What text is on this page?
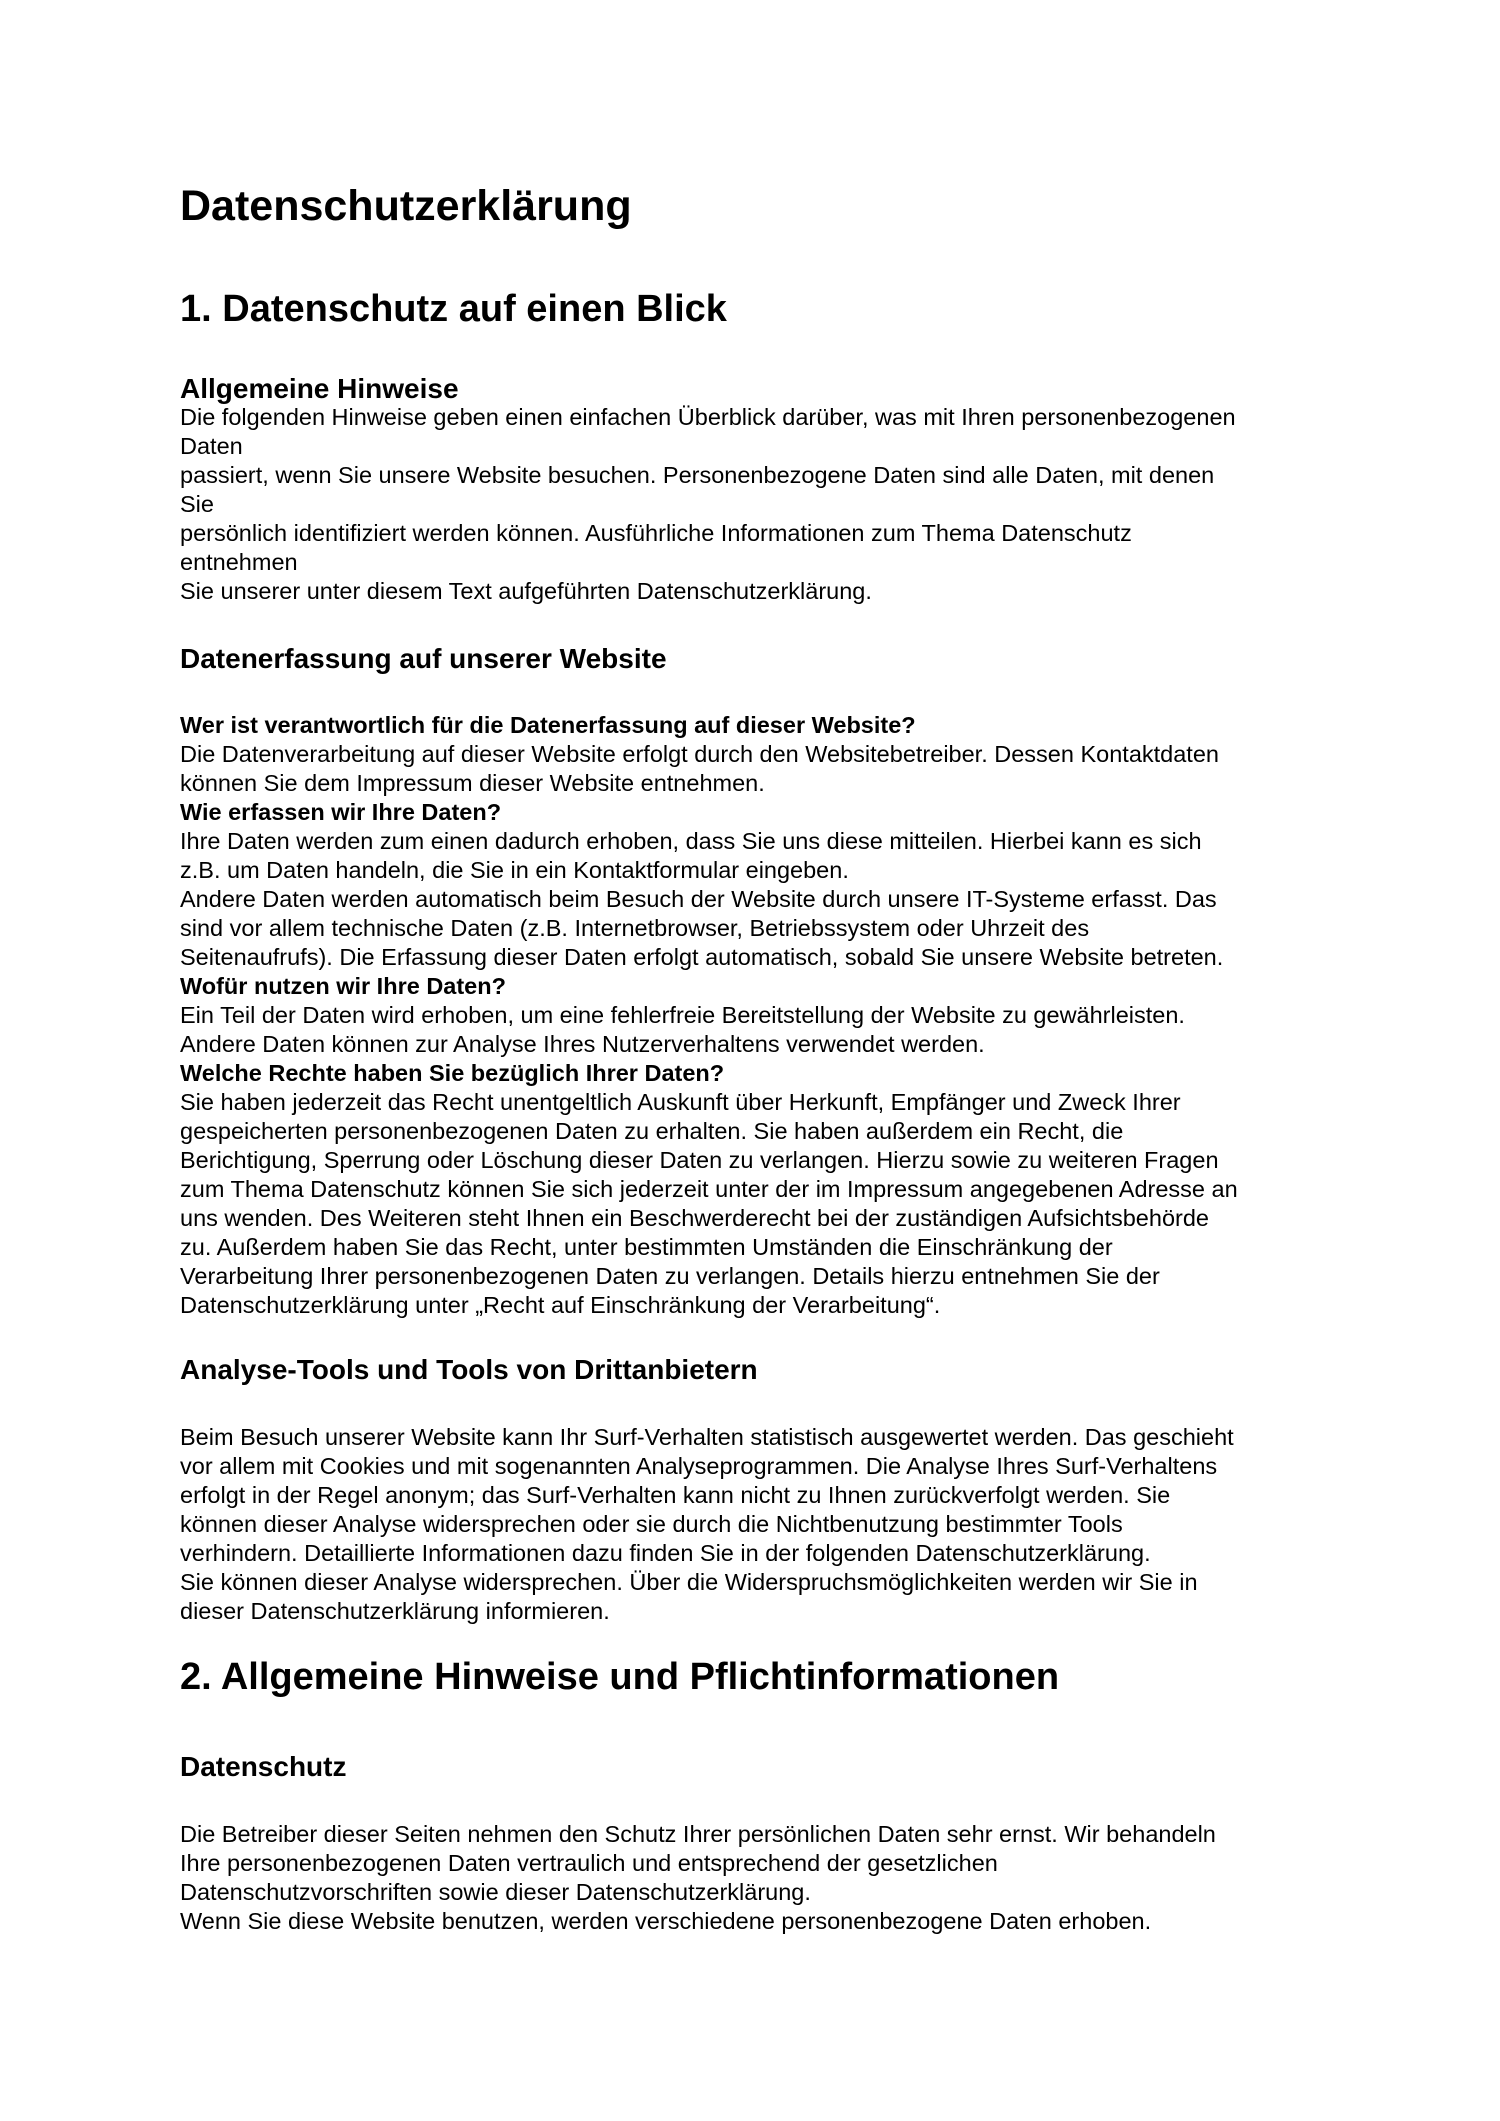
Datenschutzerklärung
1. Datenschutz auf einen Blick
Allgemeine Hinweise
Die folgenden Hinweise geben einen einfachen Überblick darüber, was mit Ihren personenbezogenen
Daten
passiert, wenn Sie unsere Website besuchen. Personenbezogene Daten sind alle Daten, mit denen
Sie
persönlich identifiziert werden können. Ausführliche Informationen zum Thema Datenschutz
entnehmen
Sie unserer unter diesem Text aufgeführten Datenschutzerklärung.
Datenerfassung auf unserer Website
Wer ist verantwortlich für die Datenerfassung auf dieser Website?
Die Datenverarbeitung auf dieser Website erfolgt durch den Websitebetreiber. Dessen Kontaktdaten
können Sie dem Impressum dieser Website entnehmen.
Wie erfassen wir Ihre Daten?
Ihre Daten werden zum einen dadurch erhoben, dass Sie uns diese mitteilen. Hierbei kann es sich
z.B. um Daten handeln, die Sie in ein Kontaktformular eingeben.
Andere Daten werden automatisch beim Besuch der Website durch unsere IT-Systeme erfasst. Das
sind vor allem technische Daten (z.B. Internetbrowser, Betriebssystem oder Uhrzeit des
Seitenaufrufs). Die Erfassung dieser Daten erfolgt automatisch, sobald Sie unsere Website betreten.
Wofür nutzen wir Ihre Daten?
Ein Teil der Daten wird erhoben, um eine fehlerfreie Bereitstellung der Website zu gewährleisten.
Andere Daten können zur Analyse Ihres Nutzerverhaltens verwendet werden.
Welche Rechte haben Sie bezüglich Ihrer Daten?
Sie haben jederzeit das Recht unentgeltlich Auskunft über Herkunft, Empfänger und Zweck Ihrer
gespeicherten personenbezogenen Daten zu erhalten. Sie haben außerdem ein Recht, die
Berichtigung, Sperrung oder Löschung dieser Daten zu verlangen. Hierzu sowie zu weiteren Fragen
zum Thema Datenschutz können Sie sich jederzeit unter der im Impressum angegebenen Adresse an
uns wenden. Des Weiteren steht Ihnen ein Beschwerderecht bei der zuständigen Aufsichtsbehörde
zu. Außerdem haben Sie das Recht, unter bestimmten Umständen die Einschränkung der
Verarbeitung Ihrer personenbezogenen Daten zu verlangen. Details hierzu entnehmen Sie der
Datenschutzerklärung unter „Recht auf Einschränkung der Verarbeitung“.
Analyse-Tools und Tools von Drittanbietern
Beim Besuch unserer Website kann Ihr Surf-Verhalten statistisch ausgewertet werden. Das geschieht
vor allem mit Cookies und mit sogenannten Analyseprogrammen. Die Analyse Ihres Surf-Verhaltens
erfolgt in der Regel anonym; das Surf-Verhalten kann nicht zu Ihnen zurückverfolgt werden. Sie
können dieser Analyse widersprechen oder sie durch die Nichtbenutzung bestimmter Tools
verhindern. Detaillierte Informationen dazu finden Sie in der folgenden Datenschutzerklärung.
Sie können dieser Analyse widersprechen. Über die Widerspruchsmöglichkeiten werden wir Sie in
dieser Datenschutzerklärung informieren.
2. Allgemeine Hinweise und Pflichtinformationen
Datenschutz
Die Betreiber dieser Seiten nehmen den Schutz Ihrer persönlichen Daten sehr ernst. Wir behandeln
Ihre personenbezogenen Daten vertraulich und entsprechend der gesetzlichen
Datenschutzvorschriften sowie dieser Datenschutzerklärung.
Wenn Sie diese Website benutzen, werden verschiedene personenbezogene Daten erhoben.
